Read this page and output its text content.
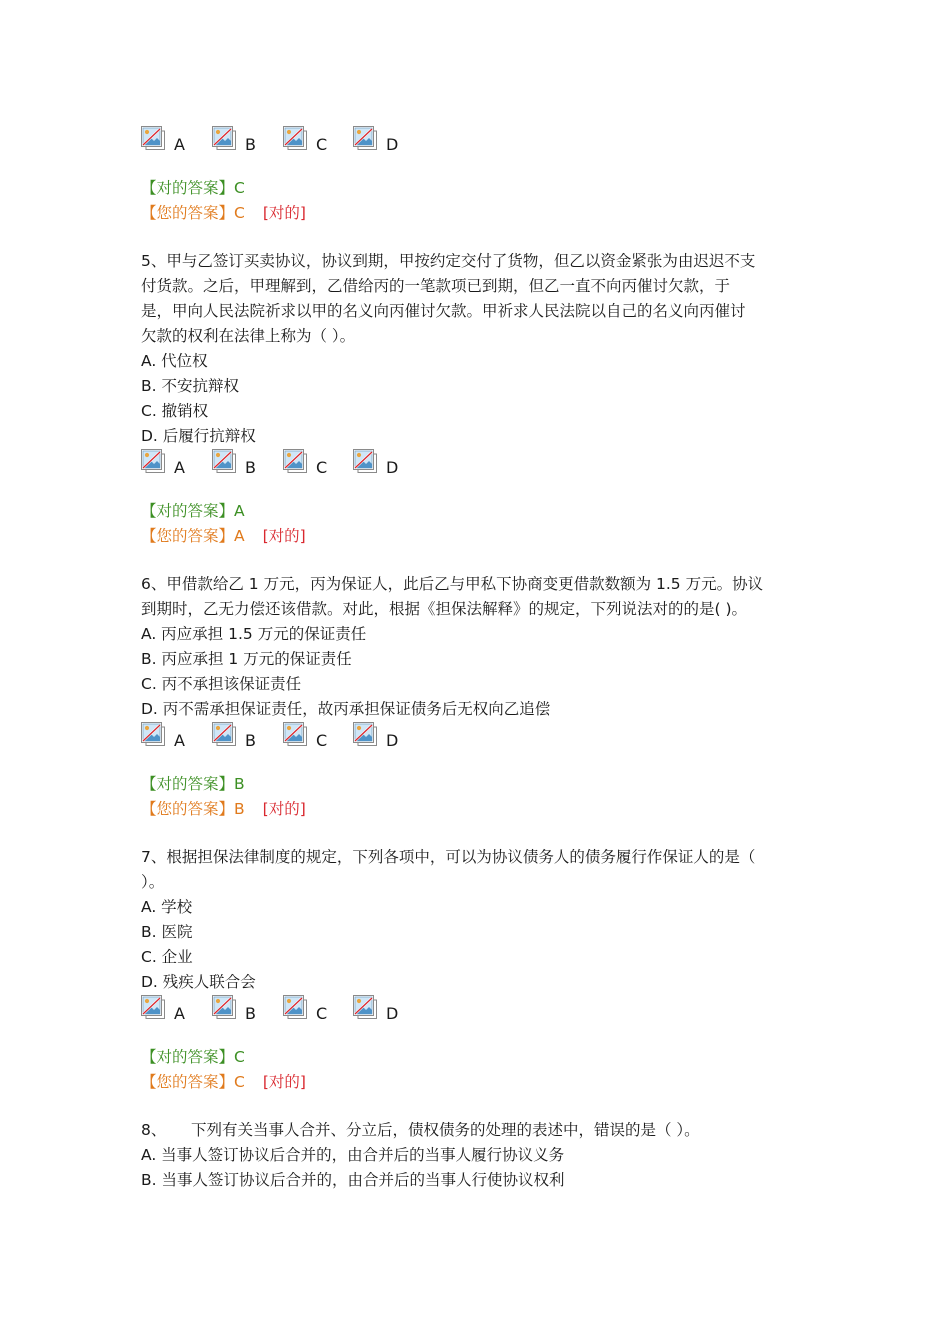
A	B	C	D
【对的答案】C
【您的答案】C [对的]

5、甲与乙签订买卖协议，协议到期，甲按约定交付了货物，但乙以资金紧张为由迟迟不支

付货款。之后，甲理解到，乙借给丙的一笔款项已到期，但乙一直不向丙催讨欠款，于

是，甲向人民法院祈求以甲的名义向丙催讨欠款。甲祈求人民法院以自己的名义向丙催讨

欠款的权利在法律上称为（ ）。

A. 代位权

B. 不安抗辩权

C. 撤销权

D. 后履行抗辩权

A	B	C	D
【对的答案】A
【您的答案】A [对的]

6、甲借款给乙 1 万元，丙为保证人，此后乙与甲私下协商变更借款数额为 1.5 万元。协议

到期时，乙无力偿还该借款。对此，根据《担保法解释》的规定，下列说法对的的是( )。

A. 丙应承担 1.5 万元的保证责任

B. 丙应承担 1 万元的保证责任

C. 丙不承担该保证责任

D. 丙不需承担保证责任，故丙承担保证债务后无权向乙追偿

A	B	C	D
【对的答案】B
【您的答案】B [对的]

7、根据担保法律制度的规定，下列各项中，可以为协议债务人的债务履行作保证人的是（

）。

A. 学校

B. 医院

C. 企业

D. 残疾人联合会

A	B	C	D
【对的答案】C
【您的答案】C [对的]

8、     下列有关当事人合并、分立后，债权债务的处理的表述中，错误的是（ ）。

A. 当事人签订协议后合并的，由合并后的当事人履行协议义务

B. 当事人签订协议后合并的，由合并后的当事人行使协议权利
